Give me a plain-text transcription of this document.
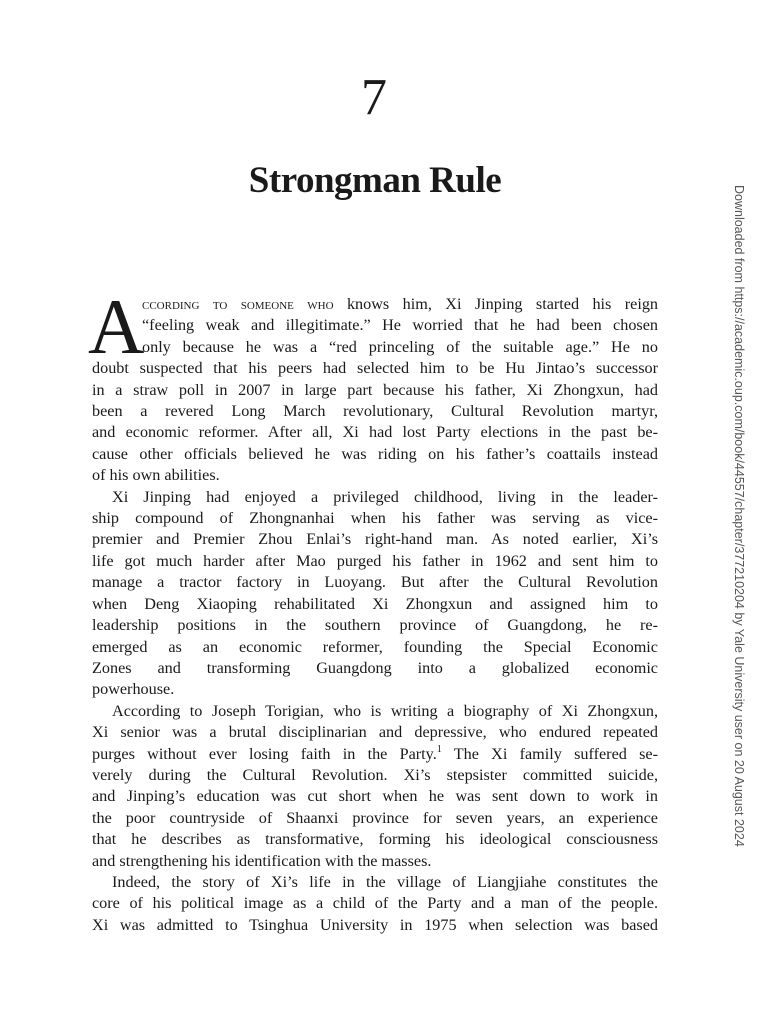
7
Strongman Rule
A
ccording to someone who knows him, Xi Jinping started his reign
“feeling weak and illegitimate.” He worried that he had been chosen
only because he was a “red princeling of the suitable age.” He no
doubt suspected that his peers had selected him to be Hu Jintao’s successor
in a straw poll in 2007 in large part because his father, Xi Zhongxun, had
been a revered Long March revolutionary, Cultural Revolution martyr,
and economic reformer. After all, Xi had lost Party elections in the past be-
cause other officials believed he was riding on his father’s coattails instead
of his own abilities.
Xi Jinping had enjoyed a privileged childhood, living in the leader-
ship compound of Zhongnanhai when his father was serving as vice-
premier and Premier Zhou Enlai’s right-hand man. As noted earlier, Xi’s
life got much harder after Mao purged his father in 1962 and sent him to
manage a tractor factory in Luoyang. But after the Cultural Revolution
when Deng Xiaoping rehabilitated Xi Zhongxun and assigned him to
leadership positions in the southern province of Guangdong, he re-
emerged as an economic reformer, founding the Special Economic
Zones and transforming Guangdong into a globalized economic
powerhouse.
According to Joseph Torigian, who is writing a biography of Xi Zhongxun,
Xi senior was a brutal disciplinarian and depressive, who endured repeated
purges without ever losing faith in the Party.$^1$ The Xi family suffered se-
verely during the Cultural Revolution. Xi’s stepsister committed suicide,
and Jinping’s education was cut short when he was sent down to work in
the poor countryside of Shaanxi province for seven years, an experience
that he describes as transformative, forming his ideological consciousness
and strengthening his identification with the masses.
Indeed, the story of Xi’s life in the village of Liangjiahe constitutes the
core of his political image as a child of the Party and a man of the people.
Xi was admitted to Tsinghua University in 1975 when selection was based
Downloaded from https://academic.oup.com/book/44557/chapter/377210204 by Yale University user on 20 August 2024
